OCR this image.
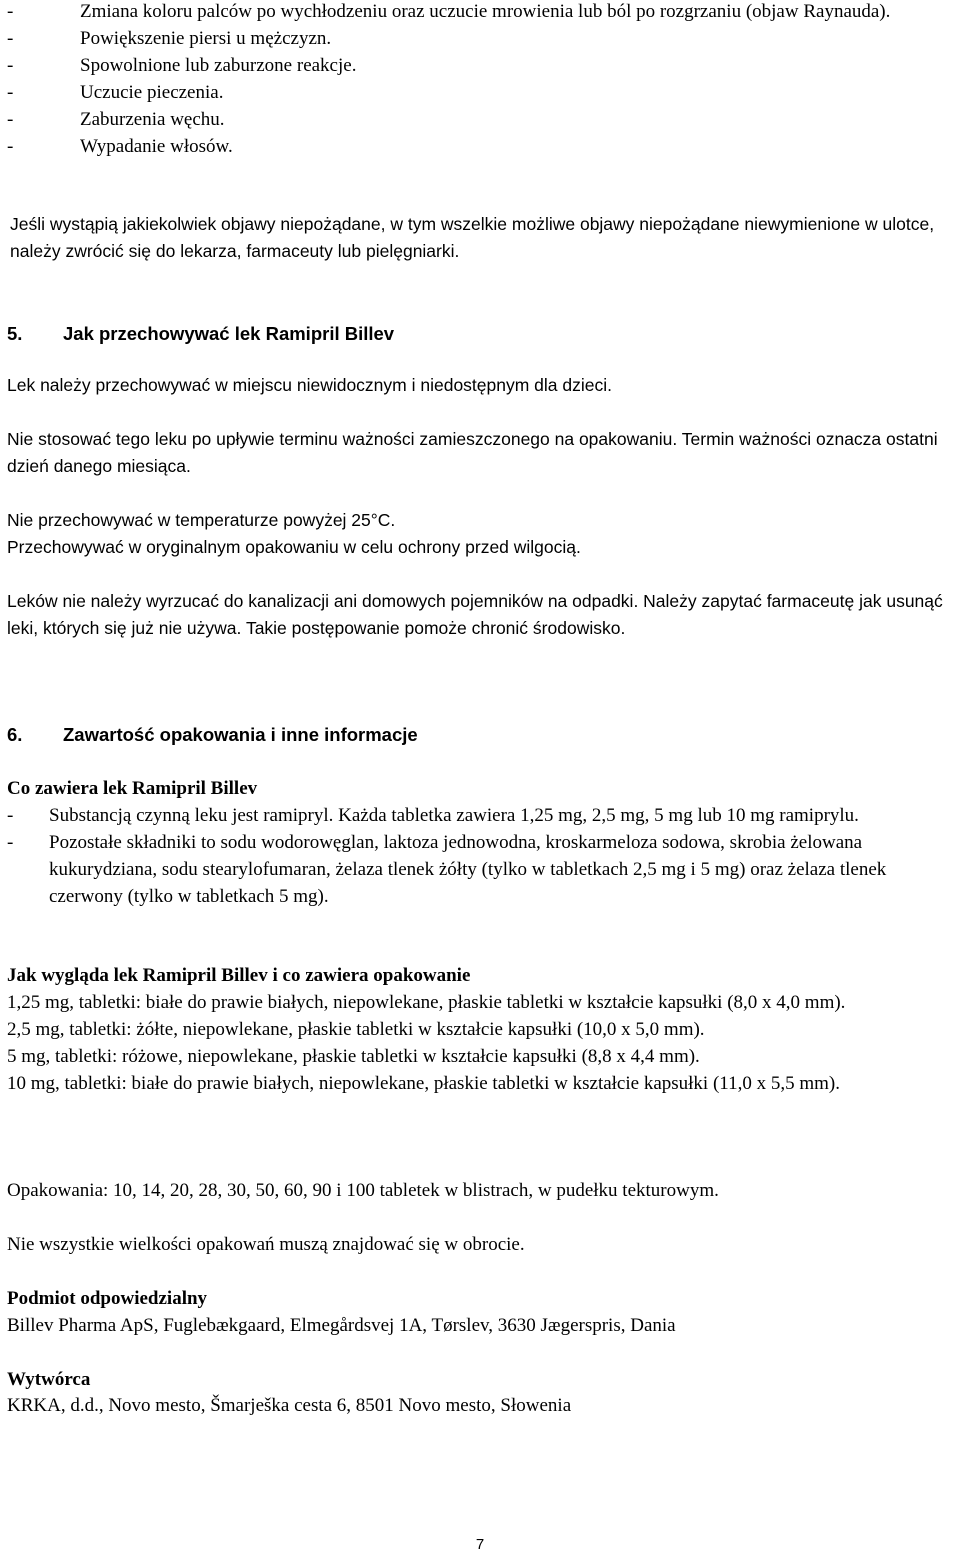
-	Zmiana koloru palców po wychłodzeniu oraz uczucie mrowienia lub ból po rozgrzaniu (objaw Raynauda).
-	Powiększenie piersi u mężczyzn.
-	Spowolnione lub zaburzone reakcje.
-	Uczucie pieczenia.
-	Zaburzenia węchu.
-	Wypadanie włosów.

Jeśli wystąpią jakiekolwiek objawy niepożądane, w tym wszelkie możliwe objawy niepożądane niewymienione w ulotce, należy zwrócić się do lekarza, farmaceuty lub pielęgniarki.

5. Jak przechowywać lek Ramipril Billev

Lek należy przechowywać w miejscu niewidocznym i niedostępnym dla dzieci.

Nie stosować tego leku po upływie terminu ważności zamieszczonego na opakowaniu. Termin ważności oznacza ostatni dzień danego miesiąca.

Nie przechowywać w temperaturze powyżej 25°C.
Przechowywać w oryginalnym opakowaniu w celu ochrony przed wilgocią.

Leków nie należy wyrzucać do kanalizacji ani domowych pojemników na odpadki. Należy zapytać farmaceutę jak usunąć leki, których się już nie używa. Takie postępowanie pomoże chronić środowisko.

6. Zawartość opakowania i inne informacje
Co zawiera lek Ramipril Billev
- Substancją czynną leku jest ramipryl. Każda tabletka zawiera 1,25 mg, 2,5 mg, 5 mg lub 10 mg ramiprylu.
- Pozostałe składniki to sodu wodorowęglan, laktoza jednowodna, kroskarmeloza sodowa, skrobia żelowana kukurydziana, sodu stearylofumaran, żelaza tlenek żółty (tylko w tabletkach 2,5 mg i 5 mg) oraz żelaza tlenek czerwony (tylko w tabletkach 5 mg).
Jak wygląda lek Ramipril Billev i co zawiera opakowanie
1,25 mg, tabletki: białe do prawie białych, niepowlekane, płaskie tabletki w kształcie kapsułki (8,0 x 4,0 mm).
2,5 mg, tabletki: żółte, niepowlekane, płaskie tabletki w kształcie kapsułki (10,0 x 5,0 mm).
5 mg, tabletki: różowe, niepowlekane, płaskie tabletki w kształcie kapsułki (8,8 x 4,4 mm).
10 mg, tabletki: białe do prawie białych, niepowlekane, płaskie tabletki w kształcie kapsułki (11,0 x 5,5 mm).

Opakowania: 10, 14, 20, 28, 30, 50, 60, 90 i 100 tabletek w blistrach, w pudełku tekturowym.

Nie wszystkie wielkości opakowań muszą znajdować się w obrocie.

Podmiot odpowiedzialny
Billev Pharma ApS, Fuglebækgaard, Elmegårdsvej 1A, Tørslev, 3630 Jægerspris, Dania
Wytwórca
KRKA, d.d., Novo mesto, Šmarješka cesta 6, 8501 Novo mesto, Słowenia
7
